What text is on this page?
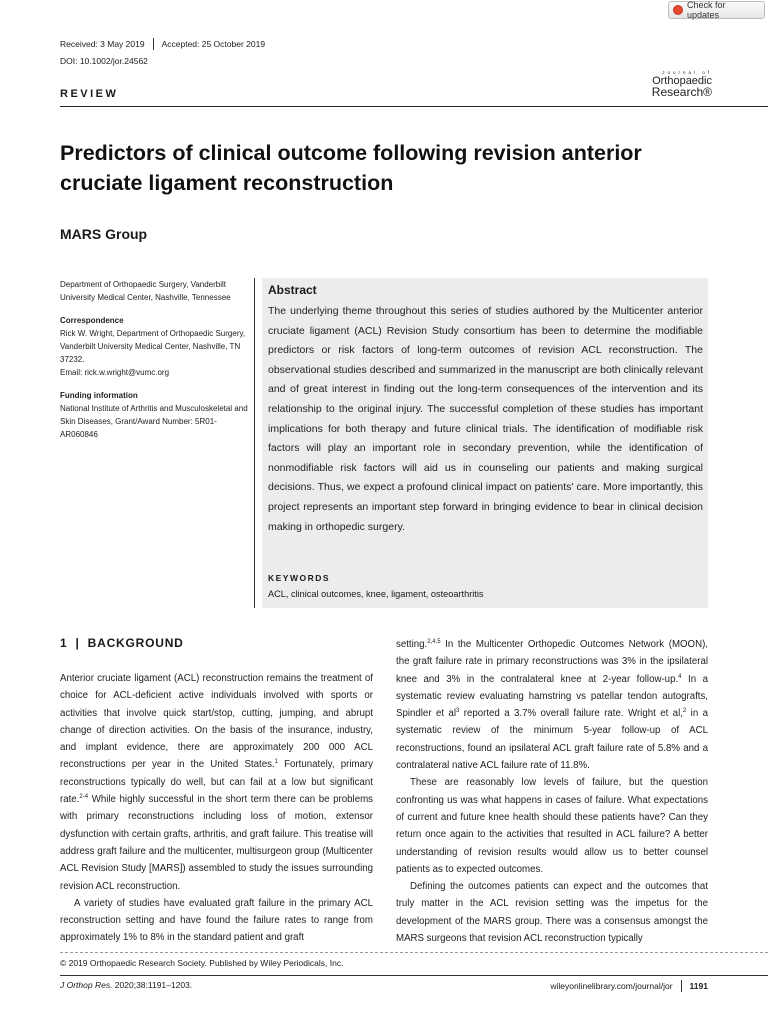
Check for updates
Received: 3 May 2019 Accepted: 25 October 2019
DOI: 10.1002/jor.24562
Journal of
Orthopaedic
Research®
REVIEW
Predictors of clinical outcome following revision anterior cruciate ligament reconstruction
MARS Group

Department of Orthopaedic Surgery, Vanderbilt University Medical Center, Nashville, Tennessee

Correspondence
Rick W. Wright, Department of Orthopaedic Surgery, Vanderbilt University Medical Center, Nashville, TN 37232.

Email: rick.w.wright@vumc.org

Funding information

National Institute of Arthritis and Musculoskeletal and Skin Diseases, Grant/Award Number: 5R01-AR060846

Abstract
The underlying theme throughout this series of studies authored by the Multicenter anterior cruciate ligament (ACL) Revision Study consortium has been to determine the modifiable predictors or risk factors of long-term outcomes of revision ACL reconstruction. The observational studies described and summarized in the manuscript are both clinically relevant and of great interest in finding out the long-term consequences of the intervention and its relationship to the original injury. The successful completion of these studies has important implications for both therapy and future clinical trials. The identification of modifiable risk factors will play an important role in secondary prevention, while the identification of nonmodifiable risk factors will aid us in counseling our patients and making surgical decisions. Thus, we expect a profound clinical impact on patients' care. More importantly, this project represents an important step forward in bringing evidence to bear in clinical decision making in orthopedic surgery.
KEYWORDS
ACL, clinical outcomes, knee, ligament, osteoarthritis
1 | BACKGROUND

Anterior cruciate ligament (ACL) reconstruction remains the treatment of choice for ACL-deficient active individuals involved with sports or activities that involve quick start/stop, cutting, jumping, and abrupt change of direction activities. On the basis of the insurance, industry, and implant evidence, there are approximately 200 000 ACL reconstructions per year in the United States.$^1$ Fortunately, primary reconstructions typically do well, but can fail at a low but significant rate.$^{2-4}$ While highly successful in the short term there can be problems with primary reconstructions including loss of motion, extensor dysfunction with certain grafts, arthritis, and graft failure. This treatise will address graft failure and the multicenter, multisurgeon group (Multicenter ACL Revision Study [MARS]) assembled to study the issues surrounding revision ACL reconstruction.

A variety of studies have evaluated graft failure in the primary ACL reconstruction setting and have found the failure rates to range from approximately 1% to 8% in the standard patient and graft

setting.$^{2,4,5}$ In the Multicenter Orthopedic Outcomes Network (MOON), the graft failure rate in primary reconstructions was 3% in the ipsilateral knee and 3% in the contralateral knee at 2-year follow-up.$^4$ In a systematic review evaluating hamstring vs patellar tendon autografts, Spindler et $al^3$ reported a 3.7% overall failure rate. Wright et al,$^2$ in a systematic review of the minimum 5-year follow-up of ACL reconstructions, found an ipsilateral ACL graft failure rate of 5.8% and a contralateral native ACL failure rate of 11.8%.

These are reasonably low levels of failure, but the question confronting us was what happens in cases of failure. What expectations of current and future knee health should these patients have? Can they return once again to the activities that resulted in ACL failure? A better understanding of revision results would allow us to better counsel patients as to expected outcomes.

Defining the outcomes patients can expect and the outcomes that truly matter in the ACL revision setting was the impetus for the development of the MARS group. There was a consensus amongst the MARS surgeons that revision ACL reconstruction typically

© 2019 Orthopaedic Research Society. Published by Wiley Periodicals, Inc.
J Orthop Res. 2020;38:1191–1203.	wileyonlinelibrary.com/journal/jor 1191
